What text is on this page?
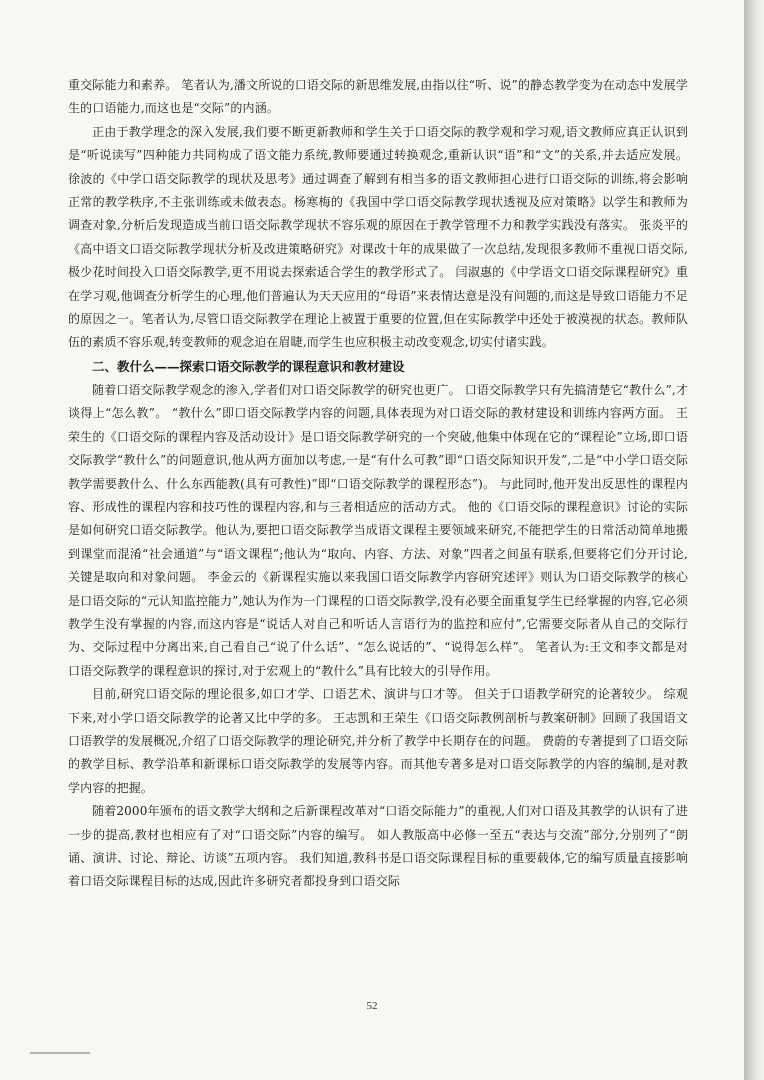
重交际能力和素养。 笔者认为,潘文所说的口语交际的新思维发展,由指以往“听、说”的静态教学变为在动态中发展学生的口语能力,而这也是“交际”的内涵。

正由于教学理念的深入发展,我们要不断更新教师和学生关于口语交际的教学观和学习观,语文教师应真正认识到是“听说读写”四种能力共同构成了语文能力系统,教师要通过转换观念,重新认识“语”和“文”的关系,并去适应发展。 徐波的《中学口语交际教学的现状及思考》通过调查了解到有相当多的语文教师担心进行口语交际的训练,将会影响正常的教学秩序,不主张训练或未做表态。杨寒梅的《我国中学口语交际教学现状透视及应对策略》以学生和教师为调查对象,分析后发现造成当前口语交际教学现状不容乐观的原因在于教学管理不力和教学实践没有落实。 张炎平的《高中语文口语交际教学现状分析及改进策略研究》对课改十年的成果做了一次总结,发现很多教师不重视口语交际,极少花时间投入口语交际教学,更不用说去探索适合学生的教学形式了。 闫淑惠的《中学语文口语交际课程研究》重在学习观,他调查分析学生的心理,他们普遍认为天天应用的“母语”来表情达意是没有问题的,而这是导致口语能力不足的原因之一。笔者认为,尽管口语交际教学在理论上被置于重要的位置,但在实际教学中还处于被漠视的状态。教师队伍的素质不容乐观,转变教师的观念迫在眉睫,而学生也应积极主动改变观念,切实付诸实践。

二、教什么——探索口语交际教学的课程意识和教材建设

随着口语交际教学观念的渗入,学者们对口语交际教学的研究也更广。 口语交际教学只有先搞清楚它“教什么”,才谈得上“怎么教”。 “教什么”即口语交际教学内容的问题,具体表现为对口语交际的教材建设和训练内容两方面。 王荣生的《口语交际的课程内容及活动设计》是口语交际教学研究的一个突破,他集中体现在它的“课程论”立场,即口语交际教学“教什么”的问题意识,他从两方面加以考虑,一是“有什么可教”即“口语交际知识开发”,二是“中小学口语交际教学需要教什么、什么东西能教(具有可教性)”即“口语交际教学的课程形态”)。 与此同时,他开发出反思性的课程内容、形成性的课程内容和技巧性的课程内容,和与三者相适应的活动方式。 他的《口语交际的课程意识》讨论的实际是如何研究口语交际教学。他认为,要把口语交际教学当成语文课程主要领域来研究,不能把学生的日常活动简单地搬到课堂而混淆“社会通道”与“语文课程”;他认为“取向、内容、方法、对象”四者之间虽有联系,但要将它们分开讨论,关键是取向和对象问题。 李金云的《新课程实施以来我国口语交际教学内容研究述评》则认为口语交际教学的核心是口语交际的“元认知监控能力”,她认为作为一门课程的口语交际教学,没有必要全面重复学生已经掌握的内容,它必须教学生没有掌握的内容,而这内容是“说话人对自己和听话人言语行为的监控和应付”,它需要交际者从自己的交际行为、交际过程中分离出来,自己看自己“说了什么话”、“怎么说话的”、“说得怎么样”。 笔者认为:王文和李文都是对口语交际教学的课程意识的探讨,对于宏观上的“教什么”具有比较大的引导作用。

目前,研究口语交际的理论很多,如口才学、口语艺术、演讲与口才等。 但关于口语教学研究的论著较少。 综观下来,对小学口语交际教学的论著又比中学的多。 王志凯和王荣生《口语交际教例剖析与教案研制》回顾了我国语文口语教学的发展概况,介绍了口语交际教学的理论研究,并分析了教学中长期存在的问题。 费蔚的专著提到了口语交际的教学目标、教学沿革和新课标口语交际教学的发展等内容。而其他专著多是对口语交际教学的内容的编制,是对教学内容的把握。

随着2000年颁布的语文教学大纲和之后新课程改革对“口语交际能力”的重视,人们对口语及其教学的认识有了进一步的提高,教材也相应有了对“口语交际”内容的编写。 如人教版高中必修一至五“表达与交流”部分,分别列了“朗诵、演讲、讨论、辩论、访谈”五项内容。 我们知道,教科书是口语交际课程目标的重要载体,它的编写质量直接影响着口语交际课程目标的达成,因此许多研究者都投身到口语交际

52
